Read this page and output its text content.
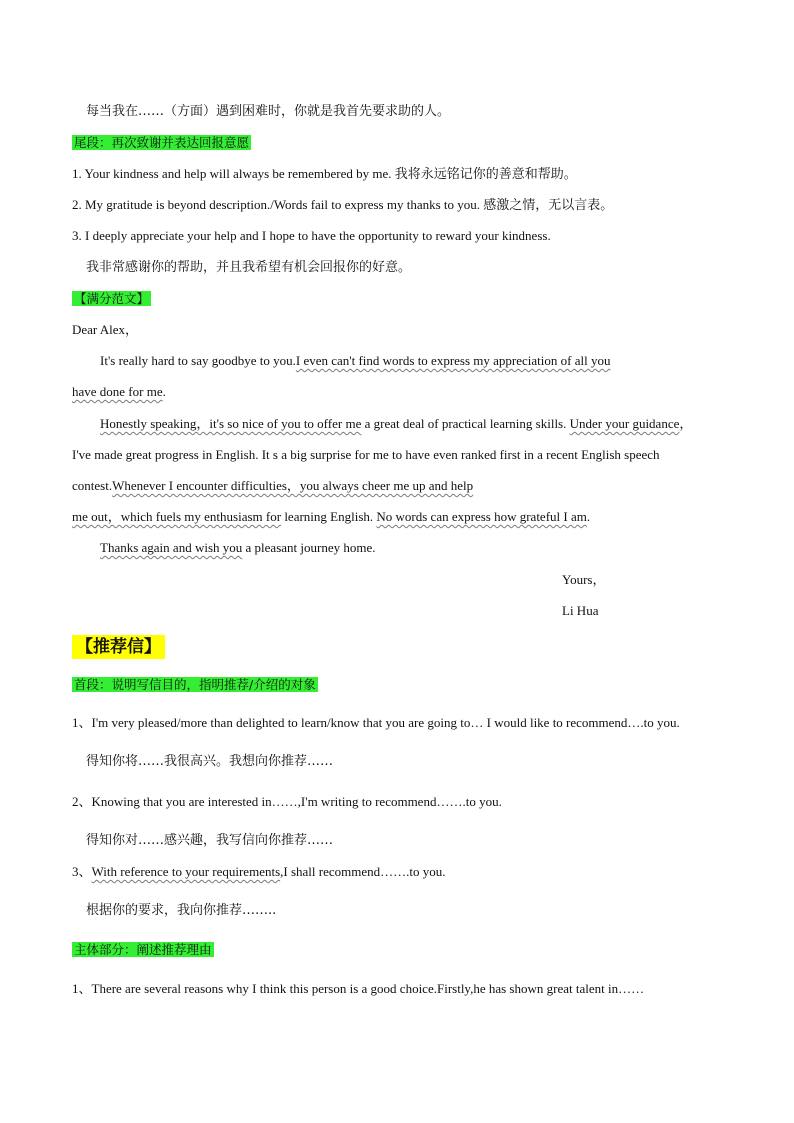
每当我在……（方面）遇到困难时，你就是我首先要求助的人。
尾段：再次致谢并表达回报意愿
1. Your kindness and help will always be remembered by me. 我将永远铭记你的善意和帮助。
2. My gratitude is beyond description./Words fail to express my thanks to you. 感激之情，无以言表。
3. I deeply appreciate your help and I hope to have the opportunity to reward your kindness.
我非常感谢你的帮助，并且我希望有机会回报你的好意。
【满分范文】
Dear Alex，
It's really hard to say goodbye to you.I even can't find words to express my appreciation of all you
have done for me.
Honestly speaking，it's so nice of you to offer me a great deal of practical learning skills. Under your guidance，
I've made great progress in English. It s a big surprise for me to have even ranked first in a recent English speech
contest.Whenever I encounter difficulties，you always cheer me up and help
me out，which fuels my enthusiasm for learning English. No words can express how grateful I am.
Thanks again and wish you a pleasant journey home.
Yours，
Li Hua
【推荐信】
首段：说明写信目的，指明推荐/介绍的对象
1、I'm very pleased/more than delighted to learn/know that you are going to… I would like to recommend….to you.
得知你将……我很高兴。我想向你推荐……
2、Knowing that you are interested in……,I'm writing to recommend…….to you.
得知你对……感兴趣，我写信向你推荐……
3、With reference to your requirements,I shall recommend…….to you.
根据你的要求，我向你推荐……..
主体部分：阐述推荐理由
1、There are several reasons why I think this person is a good choice.Firstly,he has shown great talent in……
